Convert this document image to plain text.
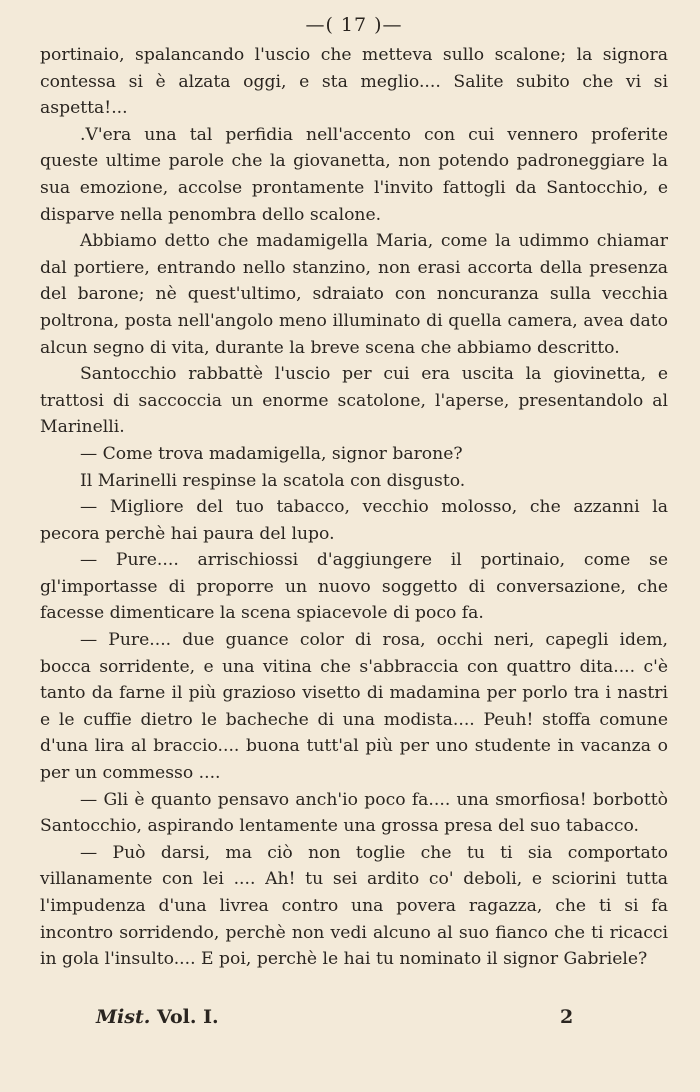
—( 17 )—

portinaio, spalancando l'uscio che metteva sullo scalone; la signora contessa si è alzata oggi, e sta meglio.... Salite subito che vi si aspetta!...

.V'era una tal perfidia nell'accento con cui vennero proferite queste ultime parole che la giovanetta, non potendo padroneggiare la sua emozione, accolse prontamente l'invito fattogli da Santocchio, e disparve nella penombra dello scalone.

Abbiamo detto che madamigella Maria, come la udimmo chiamar dal portiere, entrando nello stanzino, non erasi accorta della presenza del barone; nè quest'ultimo, sdraiato con noncuranza sulla vecchia poltrona, posta nell'angolo meno illuminato di quella camera, avea dato alcun segno di vita, durante la breve scena che abbiamo descritto.

Santocchio rabbattè l'uscio per cui era uscita la giovinetta, e trattosi di saccoccia un enorme scatolone, l'aperse, presentandolo al Marinelli.

— Come trova madamigella, signor barone?

Il Marinelli respinse la scatola con disgusto.

— Migliore del tuo tabacco, vecchio molosso, che azzanni la pecora perchè hai paura del lupo.

— Pure.... arrischiossi d'aggiungere il portinaio, come se gl'importasse di proporre un nuovo soggetto di conversazione, che facesse dimenticare la scena spiacevole di poco fa.

— Pure.... due guance color di rosa, occhi neri, capegli idem, bocca sorridente, e una vitina che s'abbraccia con quattro dita.... c'è tanto da farne il più grazioso visetto di madamina per porlo tra i nastri e le cuffie dietro le bacheche di una modista.... Peuh! stoffa comune d'una lira al braccio.... buona tutt'al più per uno studente in vacanza o per un commesso ....

— Gli è quanto pensavo anch'io poco fa.... una smorfiosa! borbottò Santocchio, aspirando lentamente una grossa presa del suo tabacco.

— Può darsi, ma ciò non toglie che tu ti sia comportato villanamente con lei .... Ah! tu sei ardito co' deboli, e sciorini tutta l'impudenza d'una livrea contro una povera ragazza, che ti si fa incontro sorridendo, perchè non vedi alcuno al suo fianco che ti ricacci in gola l'insulto.... E poi, perchè le hai tu nominato il signor Gabriele?

Mist. Vol. I.	2
